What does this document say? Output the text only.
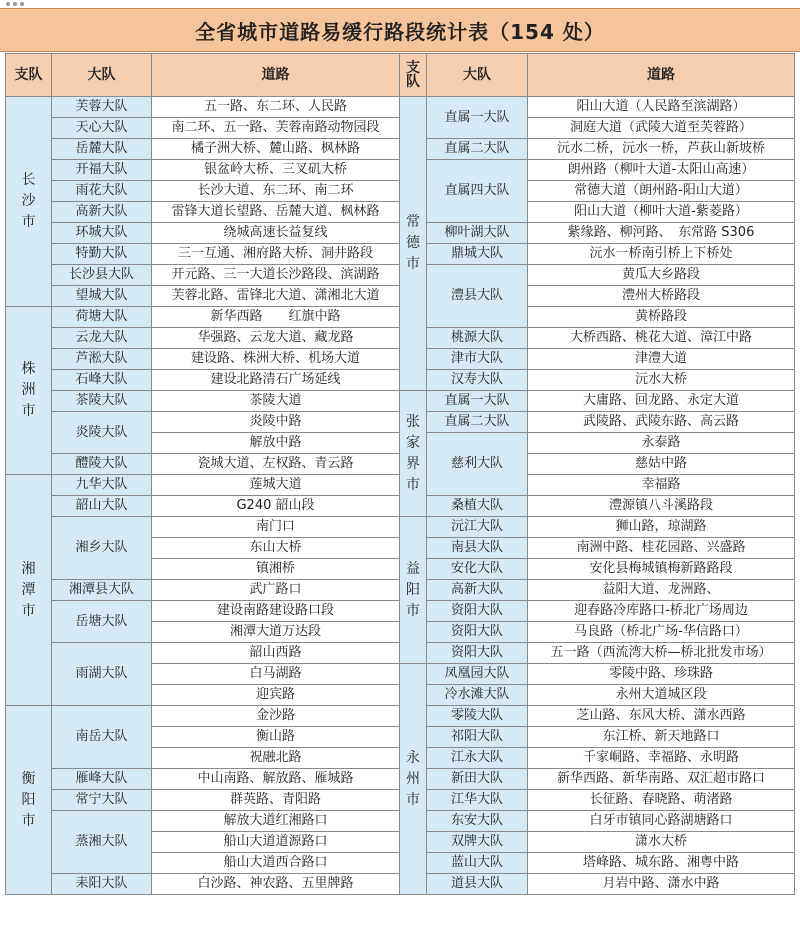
全省城市道路易缓行路段统计表（154 处）
支队	大队	道路	支队	大队	道路
长沙市	芙蓉大队	五一路、东二环、人民路	常德市	直属一大队	阳山大道（人民路至滨湖路）
	天心大队	南二环、五一路、芙蓉南路动物园段			洞庭大道（武陵大道至芙蓉路）
	岳麓大队	橘子洲大桥、麓山路、枫林路		直属二大队	沅水二桥，沅水一桥，芦荻山新坡桥
	开福大队	银盆岭大桥、三叉矶大桥		直属四大队	朗州路（柳叶大道-太阳山高速）
	雨花大队	长沙大道、东二环、南二环			常德大道（朗州路-阳山大道）
	高新大队	雷锋大道长望路、岳麓大道、枫林路			阳山大道（柳叶大道-紫菱路）
	环城大队	绕城高速长益复线		柳叶湖大队	紫缘路、柳河路、　东常路 S306
	特勤大队	三一互通、湘府路大桥、洞井路段		鼎城大队	沅水一桥南引桥上下桥处
	长沙县大队	开元路、三一大道长沙路段、滨湖路		澧县大队	黄瓜大乡路段
	望城大队	芙蓉北路、雷锋北大道、潇湘北大道			澧州大桥路段
株洲市	荷塘大队	新华西路　　红旗中路			黄桥路段
	云龙大队	华强路、云龙大道、藏龙路		桃源大队	大桥西路、桃花大道、漳江中路
	芦淞大队	建设路、株洲大桥、机场大道		津市大队	津澧大道
	石峰大队	建设北路清石广场延线		汉寿大队	沅水大桥
	茶陵大队	茶陵大道	张家界市	直属一大队	大庸路、回龙路、永定大道
	炎陵大队	炎陵中路		直属二大队	武陵路、武陵东路、高云路
		解放中路		慈利大队	永泰路
	醴陵大队	瓷城大道、左权路、青云路			慈姑中路
湘潭市	九华大队	莲城大道			幸福路
	韶山大队	G240 韶山段		桑植大队	澧源镇八斗溪路段
	湘乡大队	南门口	益阳市	沅江大队	狮山路，琼湖路
		东山大桥		南县大队	南洲中路、桂花园路、兴盛路
		镇湘桥		安化大队	安化县梅城镇梅新路路段
	湘潭县大队	武广路口		高新大队	益阳大道、龙洲路、
	岳塘大队	建设南路建设路口段		资阳大队	迎春路冷库路口-桥北广场周边
		湘潭大道万达段		资阳大队	马良路（桥北广场-华信路口）
	雨湖大队	韶山西路		资阳大队	五一路（西流湾大桥—桥北批发市场）
		白马湖路	永州市	凤凰园大队	零陵中路、珍珠路
		迎宾路		冷水滩大队	永州大道城区段
衡阳市	南岳大队	金沙路		零陵大队	芝山路、东风大桥、潇水西路
		衡山路		祁阳大队	东江桥、新天地路口
		祝融北路		江永大队	千家峒路、幸福路、永明路
	雁峰大队	中山南路、解放路、雁城路		新田大队	新华西路、新华南路、双汇超市路口
	常宁大队	群英路、青阳路		江华大队	长征路、春晓路、萌渚路
	蒸湘大队	解放大道红湘路口		东安大队	白牙市镇同心路湖塘路口
		船山大道道源路口		双牌大队	潇水大桥
		船山大道西合路口		蓝山大队	塔峰路、城东路、湘粤中路
	耒阳大队	白沙路、神农路、五里牌路		道县大队	月岩中路、潇水中路
